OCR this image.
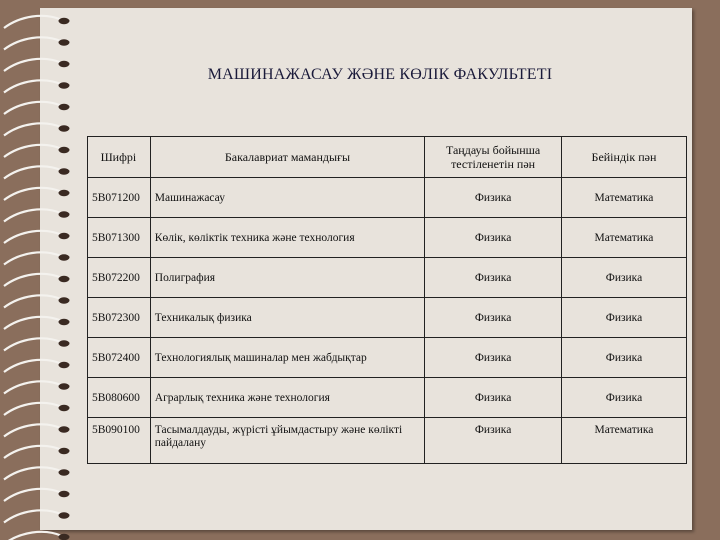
МАШИНАЖАСАУ ЖӘНЕ КӨЛІК ФАКУЛЬТЕТІ
Шифрі	Бакалавриат мамандығы	Таңдауы бойынша тестіленетін пән	Бейіндік пән
5В071200	Машинажасау	Физика	Математика
5В071300	Көлік, көліктік техника және технология	Физика	Математика
5В072200	Полиграфия	Физика	Физика
5В072300	Техникалық физика	Физика	Физика
5В072400	Технологиялық машиналар мен жабдықтар	Физика	Физика
5В080600	Аграрлық техника және технология	Физика	Физика
5В090100	Тасымалдауды, жүрісті ұйымдастыру және көлікті пайдалану	Физика	Математика
